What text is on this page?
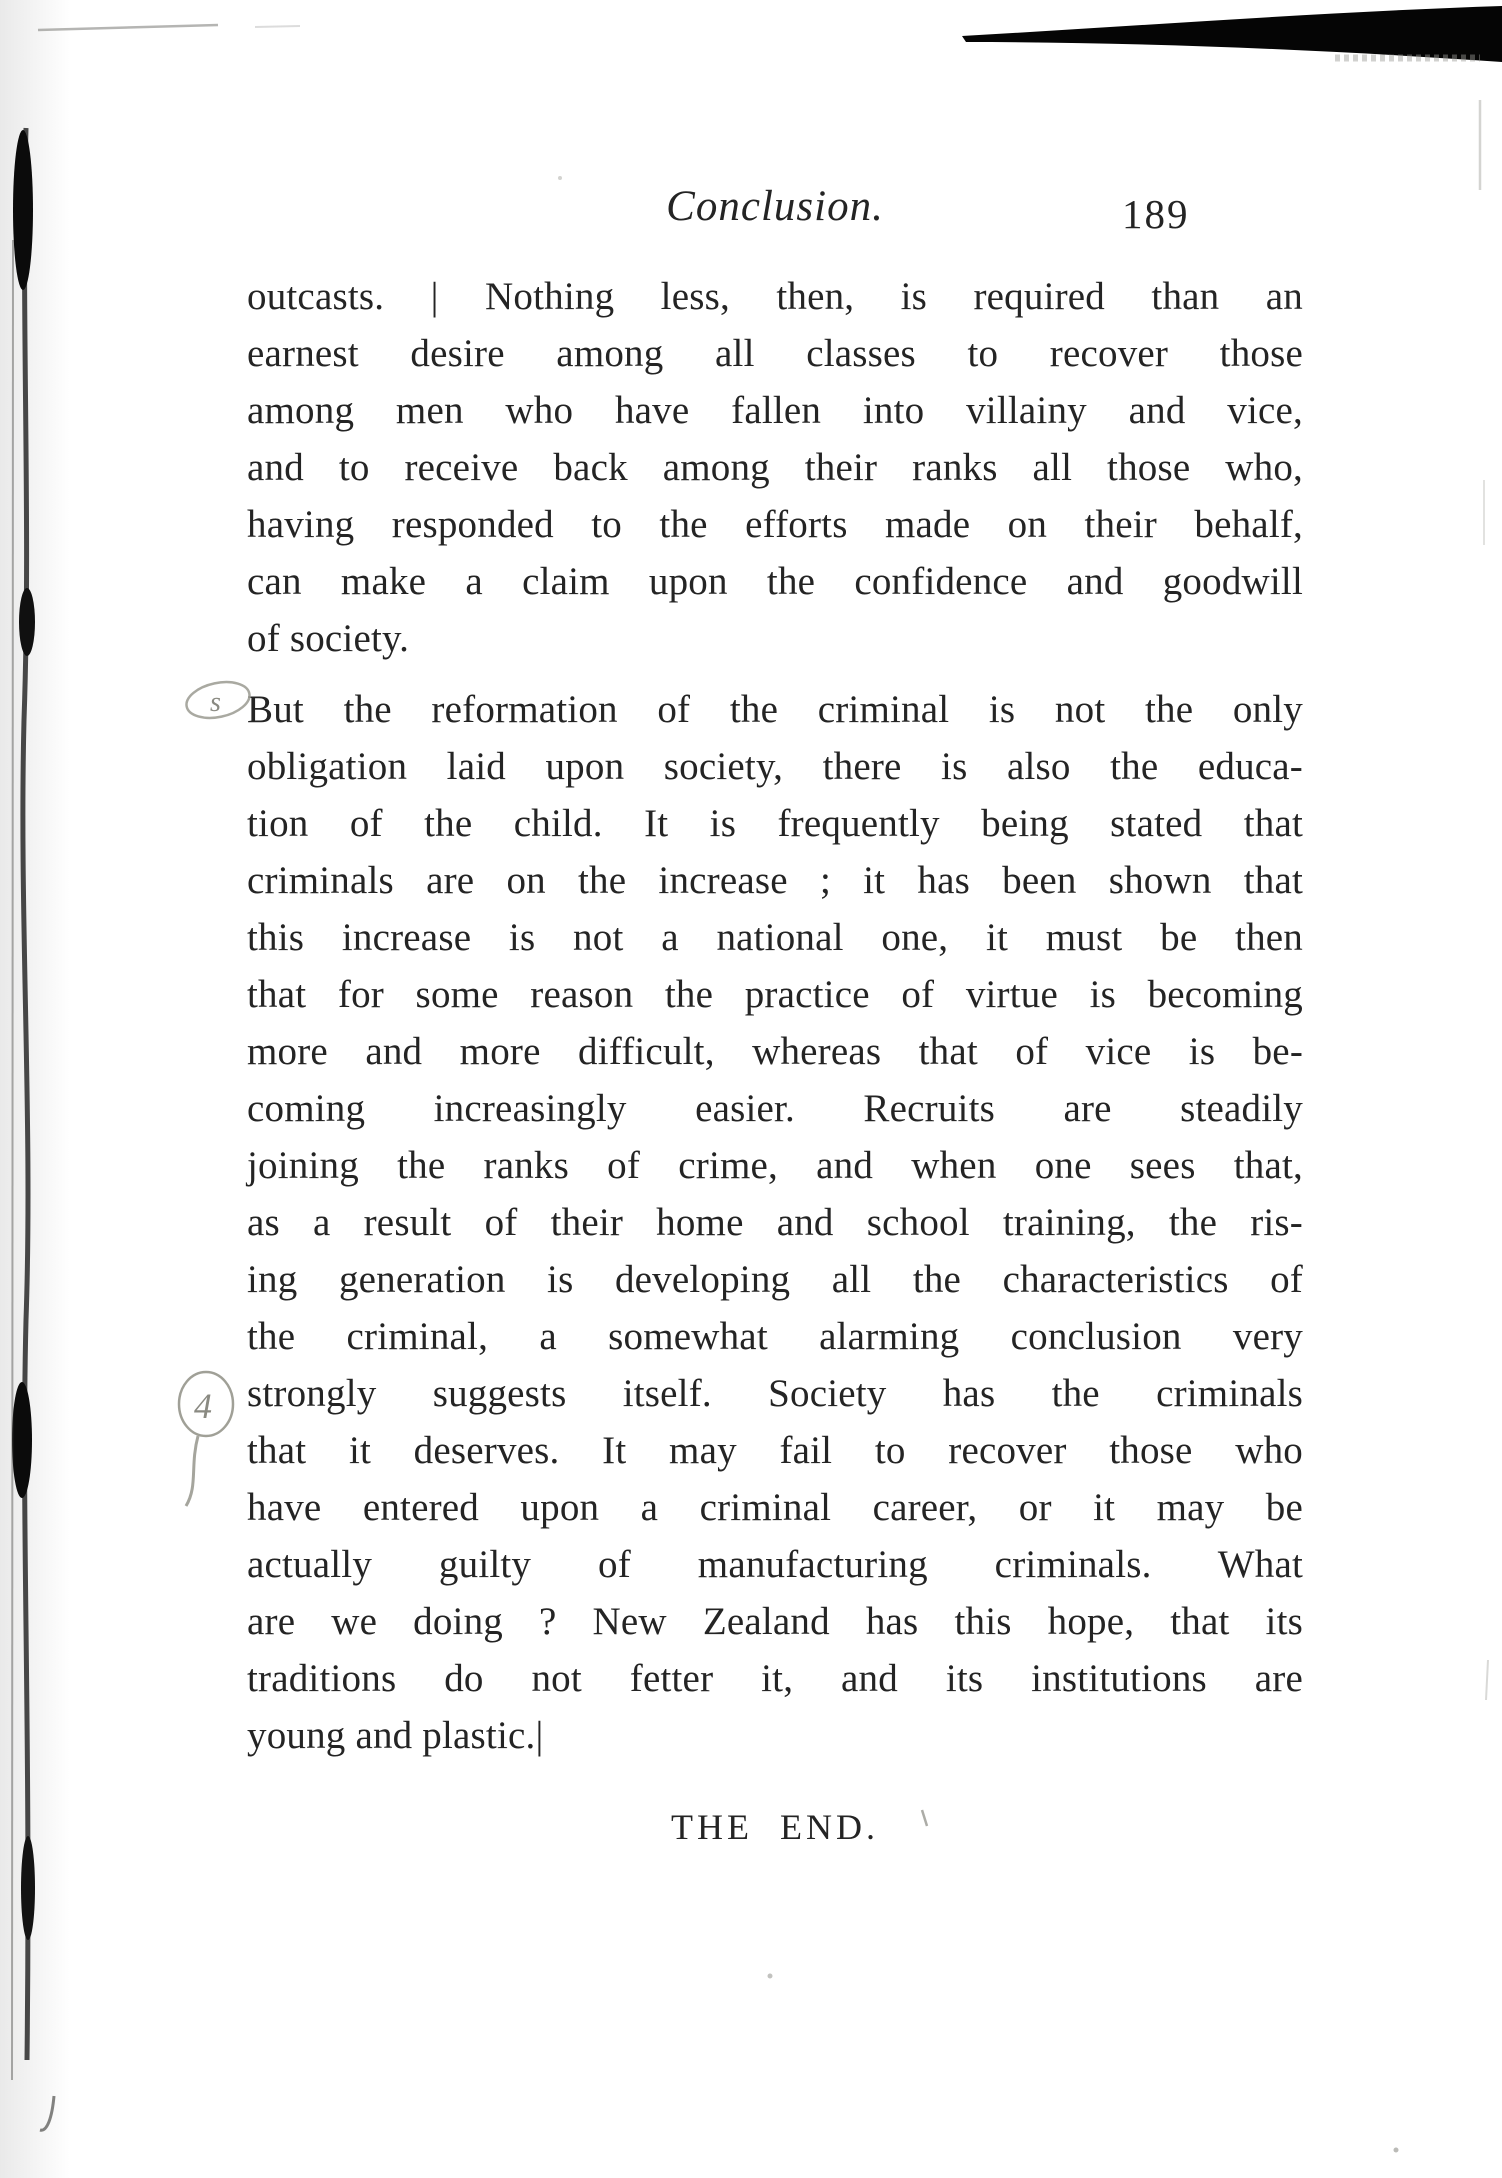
Conclusion.	189
outcasts. | Nothing less, then, is required than an
earnest desire among all classes to recover those
among men who have fallen into villainy and vice,
and to receive back among their ranks all those who,
having responded to the efforts made on their behalf,
can make a claim upon the confidence and goodwill
of society.
But the reformation of the criminal is not the only
obligation laid upon society, there is also the educa-
tion of the child. It is frequently being stated that
criminals are on the increase ; it has been shown that
this increase is not a national one, it must be then
that for some reason the practice of virtue is becoming
more and more difficult, whereas that of vice is be-
coming increasingly easier. Recruits are steadily
joining the ranks of crime, and when one sees that,
as a result of their home and school training, the ris-
ing generation is developing all the characteristics of
the criminal, a somewhat alarming conclusion very
strongly suggests itself. Society has the criminals
that it deserves. It may fail to recover those who
have entered upon a criminal career, or it may be
actually guilty of manufacturing criminals. What
are we doing ? New Zealand has this hope, that its
traditions do not fetter it, and its institutions are
young and plastic.|
THE END.
s
4
